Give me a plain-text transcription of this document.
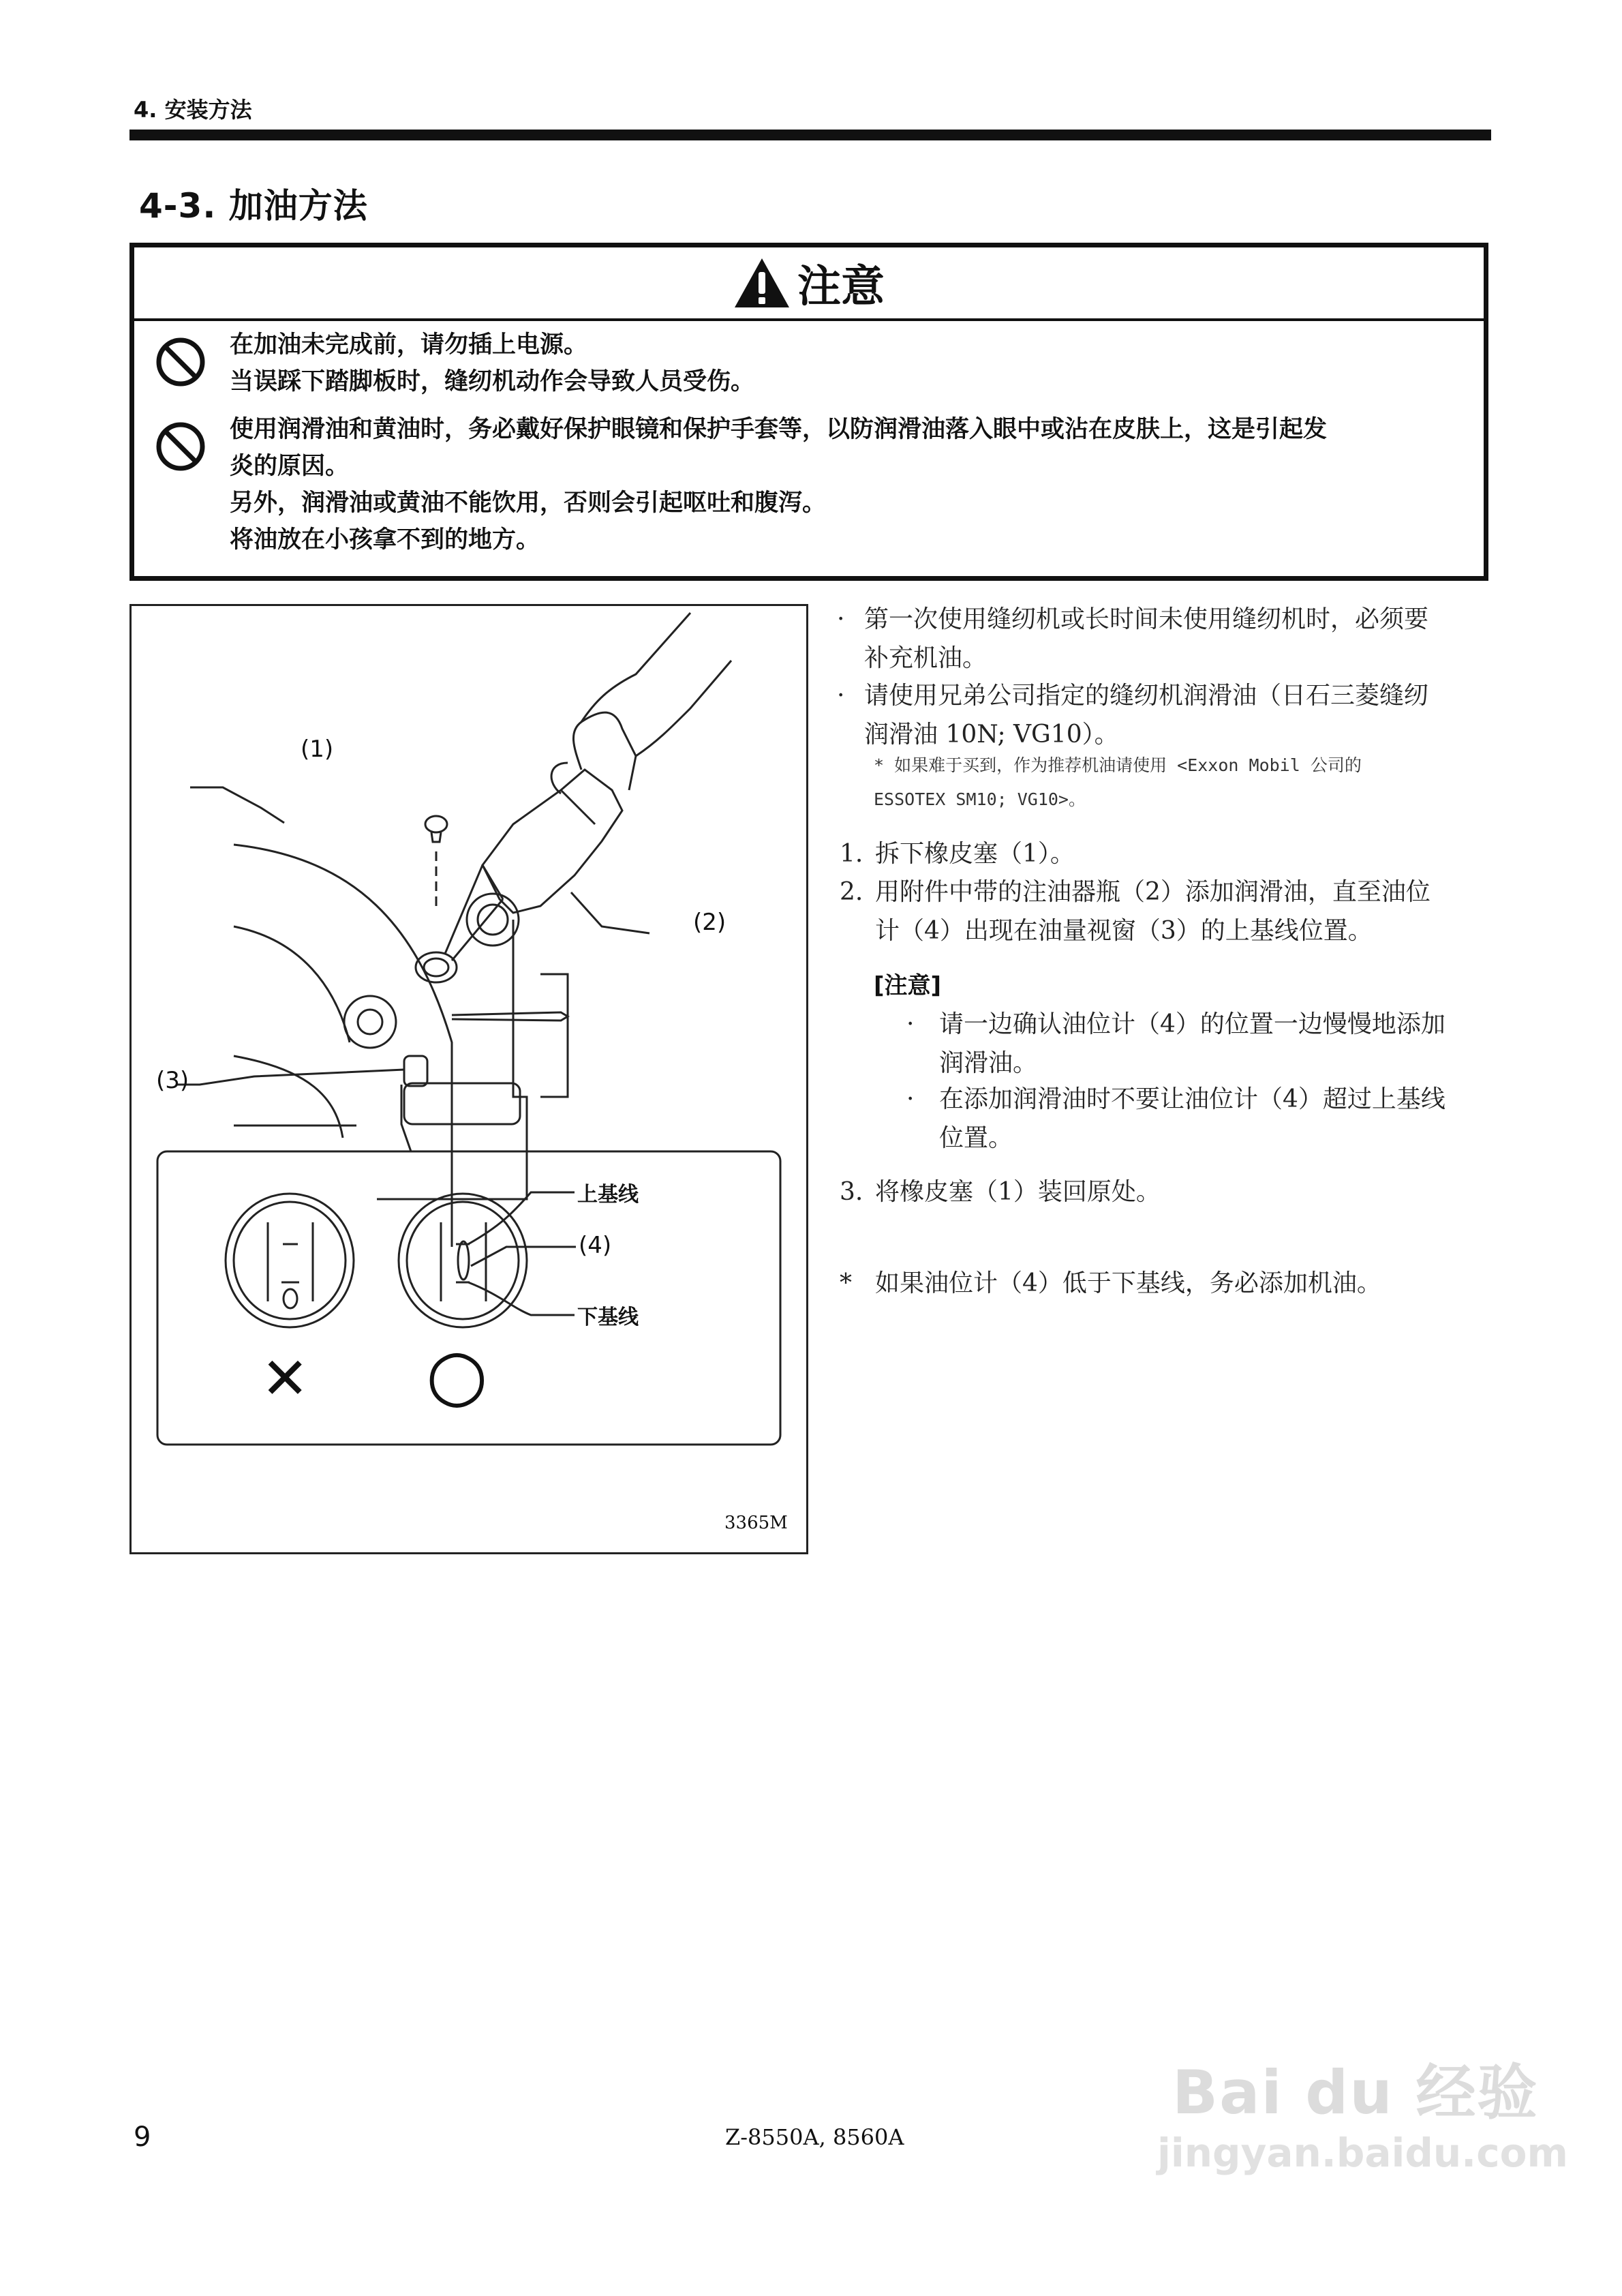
4. 安装方法
4-3. 加油方法
注意
在加油未完成前，请勿插上电源。
当误踩下踏脚板时，缝纫机动作会导致人员受伤。
使用润滑油和黄油时，务必戴好保护眼镜和保护手套等，以防润滑油落入眼中或沾在皮肤上，这是引起发
炎的原因。
另外，润滑油或黄油不能饮用，否则会引起呕吐和腹泻。
将油放在小孩拿不到的地方。
(1)
(2)
(3)
(4)
上基线
下基线
✕ ○
3365M
· 第一次使用缝纫机或长时间未使用缝纫机时，必须要
补充机油。
· 请使用兄弟公司指定的缝纫机润滑油（日石三菱缝纫
润滑油 10N; VG10）。
* 如果难于买到，作为推荐机油请使用 <Exxon Mobil 公司的
ESSOTEX SM10; VG10>。
1. 拆下橡皮塞（1）。
2. 用附件中带的注油器瓶（2）添加润滑油，直至油位
计（4）出现在油量视窗（3）的上基线位置。
[注意]
· 请一边确认油位计（4）的位置一边慢慢地添加
润滑油。
· 在添加润滑油时不要让油位计（4）超过上基线
位置。
3. 将橡皮塞（1）装回原处。
* 如果油位计（4）低于下基线，务必添加机油。
9	Z-8550A, 8560A
Bai du 经验
jingyan.baidu.com
